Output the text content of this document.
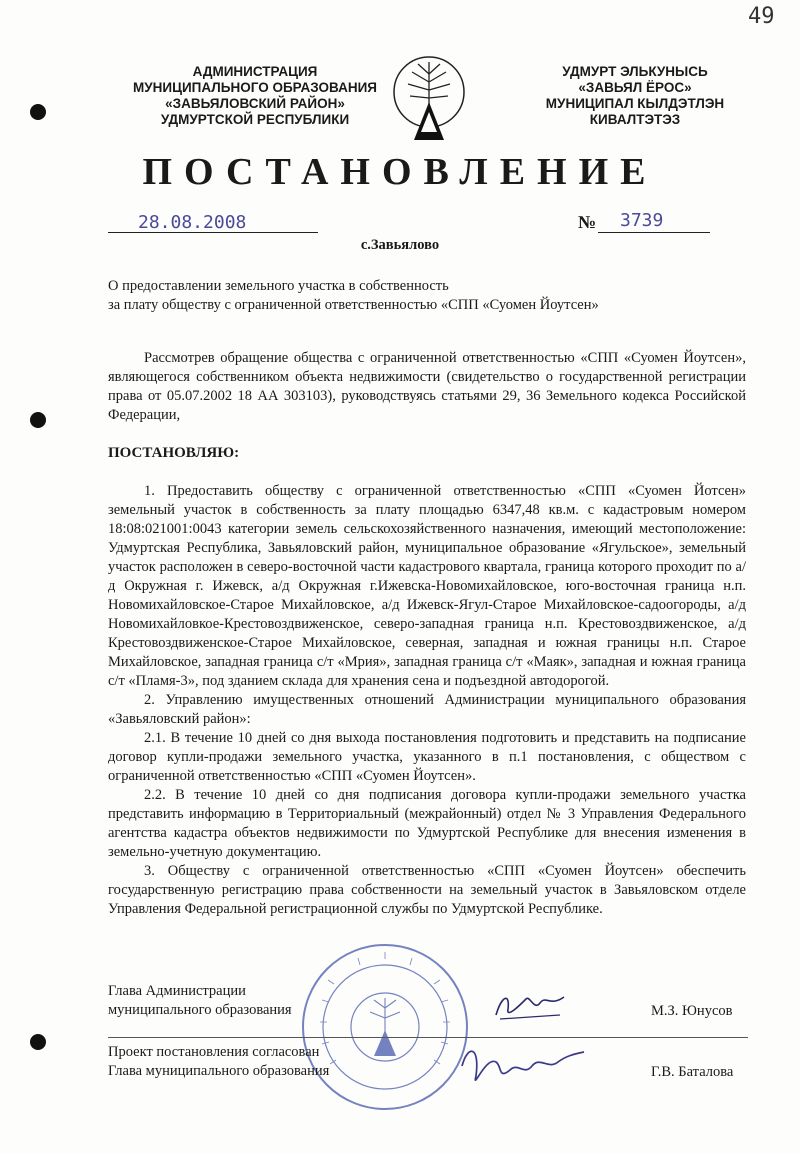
49
АДМИНИСТРАЦИЯ
МУНИЦИПАЛЬНОГО ОБРАЗОВАНИЯ
«ЗАВЬЯЛОВСКИЙ РАЙОН»
УДМУРТСКОЙ РЕСПУБЛИКИ
УДМУРТ ЭЛЬКУНЫСЬ
«ЗАВЬЯЛ ЁРОС»
МУНИЦИПАЛ КЫЛДЭТЛЭН
КИВАЛТЭТЭЗ
ПОСТАНОВЛЕНИЕ
28.08.2008	№ 3739
с.Завьялово
О предоставлении земельного участка в собственность
за плату обществу с ограниченной ответственностью «СПП «Суомен Йоутсен»

Рассмотрев обращение общества с ограниченной ответственностью «СПП «Суомен Йоутсен», являющегося собственником объекта недвижимости (свидетельство о государственной регистрации права от 05.07.2002 18 АА 303103), руководствуясь статьями 29, 36 Земельного кодекса Российской Федерации,

ПОСТАНОВЛЯЮ:

1. Предоставить обществу с ограниченной ответственностью «СПП «Суомен Йотсен» земельный участок в собственность за плату площадью 6347,48 кв.м. с кадастровым номером 18:08:021001:0043 категории земель сельскохозяйственного назначения, имеющий местоположение: Удмуртская Республика, Завьяловский район, муниципальное образование «Ягульское», земельный участок расположен в северо-восточной части кадастрового квартала, граница которого проходит по а/д Окружная г. Ижевск, а/д Окружная г.Ижевска-Новомихайловское, юго-восточная граница н.п. Новомихайловское-Старое Михайловское, а/д Ижевск-Ягул-Старое Михайловское-садоогороды, а/д Новомихайловкое-Крестовоздвиженское, северо-западная граница н.п. Крестовоздвиженское, а/д Крестовоздвиженское-Старое Михайловское, северная, западная и южная границы н.п. Старое Михайловское, западная граница с/т «Мрия», западная граница с/т «Маяк», западная и южная граница с/т «Пламя-3», под зданием склада для хранения сена и подъездной автодорогой.

2. Управлению имущественных отношений Администрации муниципального образования «Завьяловский район»:

2.1. В течение 10 дней со дня выхода постановления подготовить и представить на подписание договор купли-продажи земельного участка, указанного в п.1 постановления, с обществом с ограниченной ответственностью «СПП «Суомен Йоутсен».

2.2. В течение 10 дней со дня подписания договора купли-продажи земельного участка представить информацию в Территориальный (межрайонный) отдел № 3 Управления Федерального агентства кадастра объектов недвижимости по Удмуртской Республике для внесения изменения в земельно-учетную документацию.

3. Обществу с ограниченной ответственностью «СПП «Суомен Йоутсен» обеспечить государственную регистрацию права собственности на земельный участок в Завьяловском отделе Управления Федеральной регистрационной службы по Удмуртской Республике.

Глава Администрации
муниципального образования	М.З. Юнусов
Проект постановления согласован
Глава муниципального образования	Г.В. Баталова
